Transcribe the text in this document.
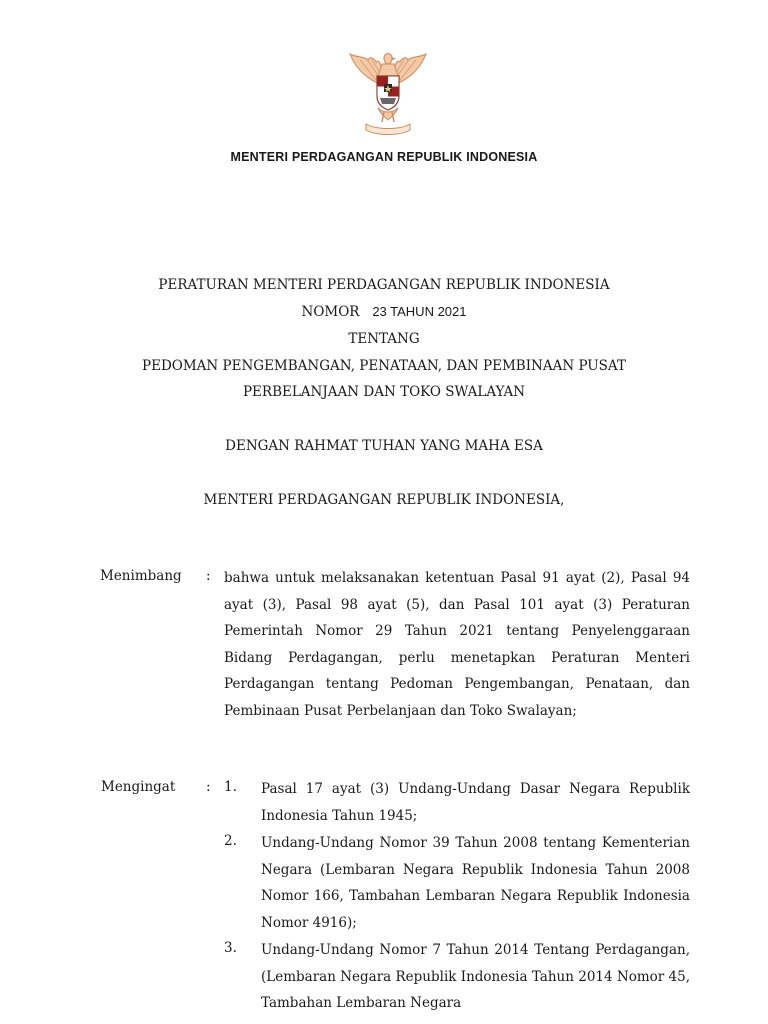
MENTERI PERDAGANGAN REPUBLIK INDONESIA
PERATURAN MENTERI PERDAGANGAN REPUBLIK INDONESIA
NOMOR 23 TAHUN 2021
TENTANG
PEDOMAN PENGEMBANGAN, PENATAAN, DAN PEMBINAAN PUSAT
PERBELANJAAN DAN TOKO SWALAYAN
DENGAN RAHMAT TUHAN YANG MAHA ESA
MENTERI PERDAGANGAN REPUBLIK INDONESIA,
Menimbang : bahwa untuk melaksanakan ketentuan Pasal 91 ayat (2), Pasal 94 ayat (3), Pasal 98 ayat (5), dan Pasal 101 ayat (3) Peraturan Pemerintah Nomor 29 Tahun 2021 tentang Penyelenggaraan Bidang Perdagangan, perlu menetapkan Peraturan Menteri Perdagangan tentang Pedoman Pengembangan, Penataan, dan Pembinaan Pusat Perbelanjaan dan Toko Swalayan;
Mengingat : 1. Pasal 17 ayat (3) Undang-Undang Dasar Negara Republik Indonesia Tahun 1945;
2. Undang-Undang Nomor 39 Tahun 2008 tentang Kementerian Negara (Lembaran Negara Republik Indonesia Tahun 2008 Nomor 166, Tambahan Lembaran Negara Republik Indonesia Nomor 4916);
3. Undang-Undang Nomor 7 Tahun 2014 Tentang Perdagangan, (Lembaran Negara Republik Indonesia Tahun 2014 Nomor 45, Tambahan Lembaran Negara
